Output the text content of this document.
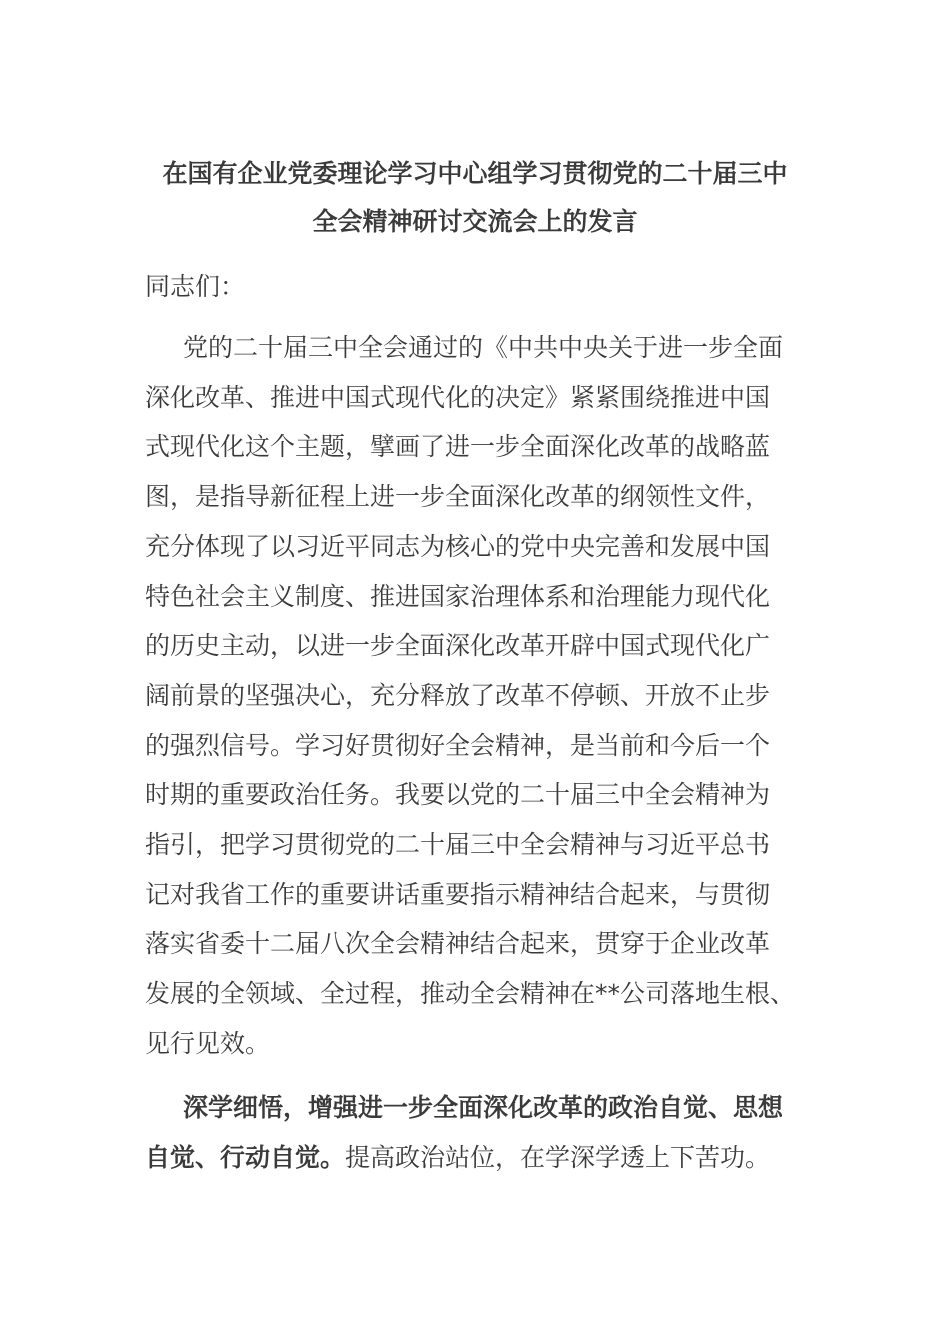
在国有企业党委理论学习中心组学习贯彻党的二十届三中
全会精神研讨交流会上的发言
同志们：
党的二十届三中全会通过的《中共中央关于进一步全面
深化改革、推进中国式现代化的决定》紧紧围绕推进中国
式现代化这个主题，擘画了进一步全面深化改革的战略蓝
图，是指导新征程上进一步全面深化改革的纲领性文件，
充分体现了以习近平同志为核心的党中央完善和发展中国
特色社会主义制度、推进国家治理体系和治理能力现代化
的历史主动，以进一步全面深化改革开辟中国式现代化广
阔前景的坚强决心，充分释放了改革不停顿、开放不止步
的强烈信号。学习好贯彻好全会精神，是当前和今后一个
时期的重要政治任务。我要以党的二十届三中全会精神为
指引，把学习贯彻党的二十届三中全会精神与习近平总书
记对我省工作的重要讲话重要指示精神结合起来，与贯彻
落实省委十二届八次全会精神结合起来，贯穿于企业改革
发展的全领域、全过程，推动全会精神在**公司落地生根、
见行见效。
深学细悟，增强进一步全面深化改革的政治自觉、思想
自觉、行动自觉。提高政治站位，在学深学透上下苦功。
